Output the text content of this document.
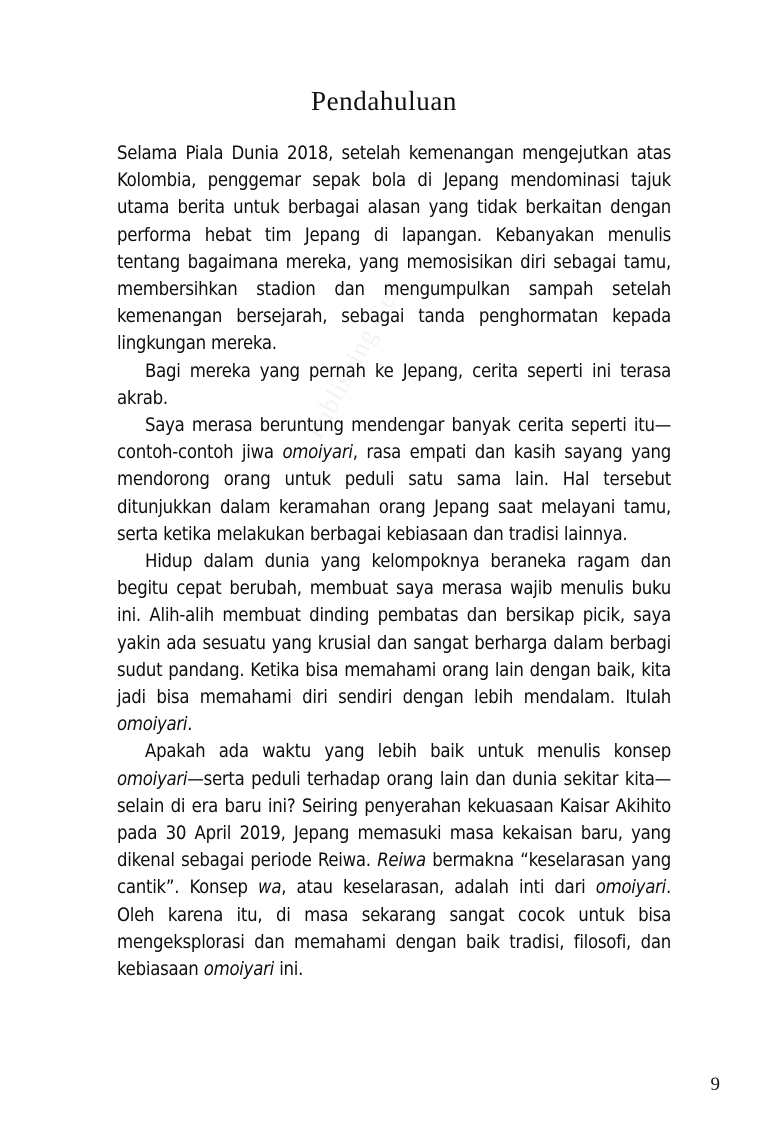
Publishing Gen
Pendahuluan

Selama Piala Dunia 2018, setelah kemenangan mengejutkan atas Kolombia, penggemar sepak bola di Jepang mendominasi tajuk utama berita untuk berbagai alasan yang tidak berkaitan dengan performa hebat tim Jepang di lapangan. Kebanyakan menulis tentang bagaimana mereka, yang memosisikan diri sebagai tamu, membersihkan stadion dan mengumpulkan sampah setelah kemenangan bersejarah, sebagai tanda penghormatan kepada lingkungan mereka.

Bagi mereka yang pernah ke Jepang, cerita seperti ini terasa akrab.

Saya merasa beruntung mendengar banyak cerita seperti itu—contoh-contoh jiwa omoiyari, rasa empati dan kasih sayang yang mendorong orang untuk peduli satu sama lain. Hal tersebut ditunjukkan dalam keramahan orang Jepang saat melayani tamu, serta ketika melakukan berbagai kebiasaan dan tradisi lainnya.

Hidup dalam dunia yang kelompoknya beraneka ragam dan begitu cepat berubah, membuat saya merasa wajib menulis buku ini. Alih-alih membuat dinding pembatas dan bersikap picik, saya yakin ada sesuatu yang krusial dan sangat berharga dalam berbagi sudut pandang. Ketika bisa memahami orang lain dengan baik, kita jadi bisa memahami diri sendiri dengan lebih mendalam. Itulah omoiyari.

Apakah ada waktu yang lebih baik untuk menulis konsep omoiyari—serta peduli terhadap orang lain dan dunia sekitar kita—selain di era baru ini? Seiring penyerahan kekuasaan Kaisar Akihito pada 30 April 2019, Jepang memasuki masa kekaisan baru, yang dikenal sebagai periode Reiwa. Reiwa bermakna “keselarasan yang cantik”. Konsep wa, atau keselarasan, adalah inti dari omoiyari. Oleh karena itu, di masa sekarang sangat cocok untuk bisa mengeksplorasi dan memahami dengan baik tradisi, filosofi, dan kebiasaan omoiyari ini.

9
